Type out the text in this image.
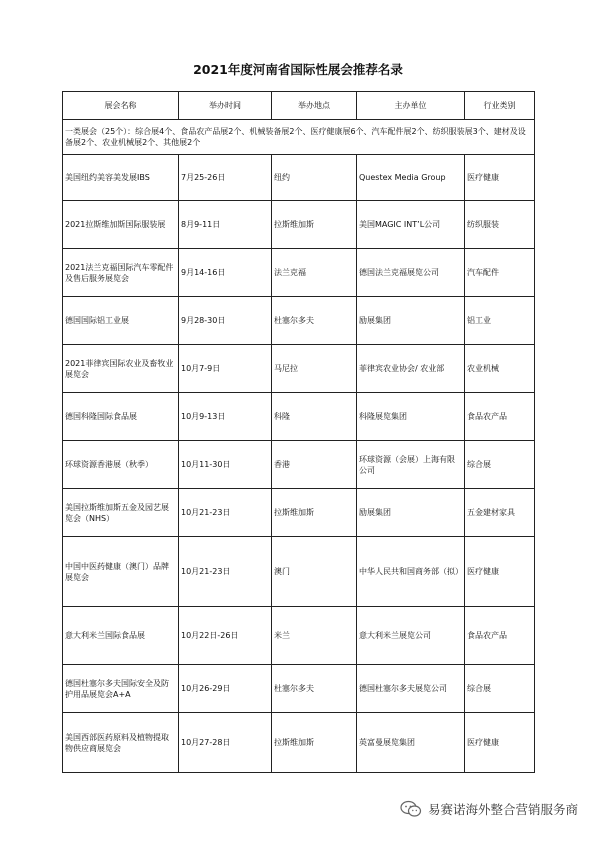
2021年度河南省国际性展会推荐名录
展会名称	举办时间	举办地点	主办单位	行业类别
一类展会（25个）：综合展4个、食品农产品展2个、机械装备展2个、医疗健康展6个、汽车配件展2个、纺织服装展3个、建材及设备展2个、农业机械展2个、其他展2个				
美国纽约美容美发展IBS	7月25-26日	纽约	Questex Media Group	医疗健康
2021拉斯维加斯国际服装展	8月9-11日	拉斯维加斯	美国MAGIC INT’L公司	纺织服装
2021法兰克福国际汽车零配件及售后服务展览会	9月14-16日	法兰克福	德国法兰克福展览公司	汽车配件
德国国际铝工业展	9月28-30日	杜塞尔多夫	励展集团	铝工业
2021菲律宾国际农业及畜牧业展览会	10月7-9日	马尼拉	菲律宾农业协会/ 农业部	农业机械
德国科隆国际食品展	10月9-13日	科隆	科隆展览集团	食品农产品
环球资源香港展（秋季）	10月11-30日	香港	环球资源（会展）上海有限公司	综合展
美国拉斯维加斯五金及园艺展览会（NHS）	10月21-23日	拉斯维加斯	励展集团	五金建材家具
中国中医药健康（澳门）品牌展览会	10月21-23日	澳门	中华人民共和国商务部（拟）	医疗健康
意大利米兰国际食品展	10月22日-26日	米兰	意大利米兰展览公司	食品农产品
德国杜塞尔多夫国际安全及防护用品展览会A+A	10月26-29日	杜塞尔多夫	德国杜塞尔多夫展览公司	综合展
美国西部医药原料及植物提取物供应商展览会	10月27-28日	拉斯维加斯	英富曼展览集团	医疗健康
易赛诺海外整合营销服务商
